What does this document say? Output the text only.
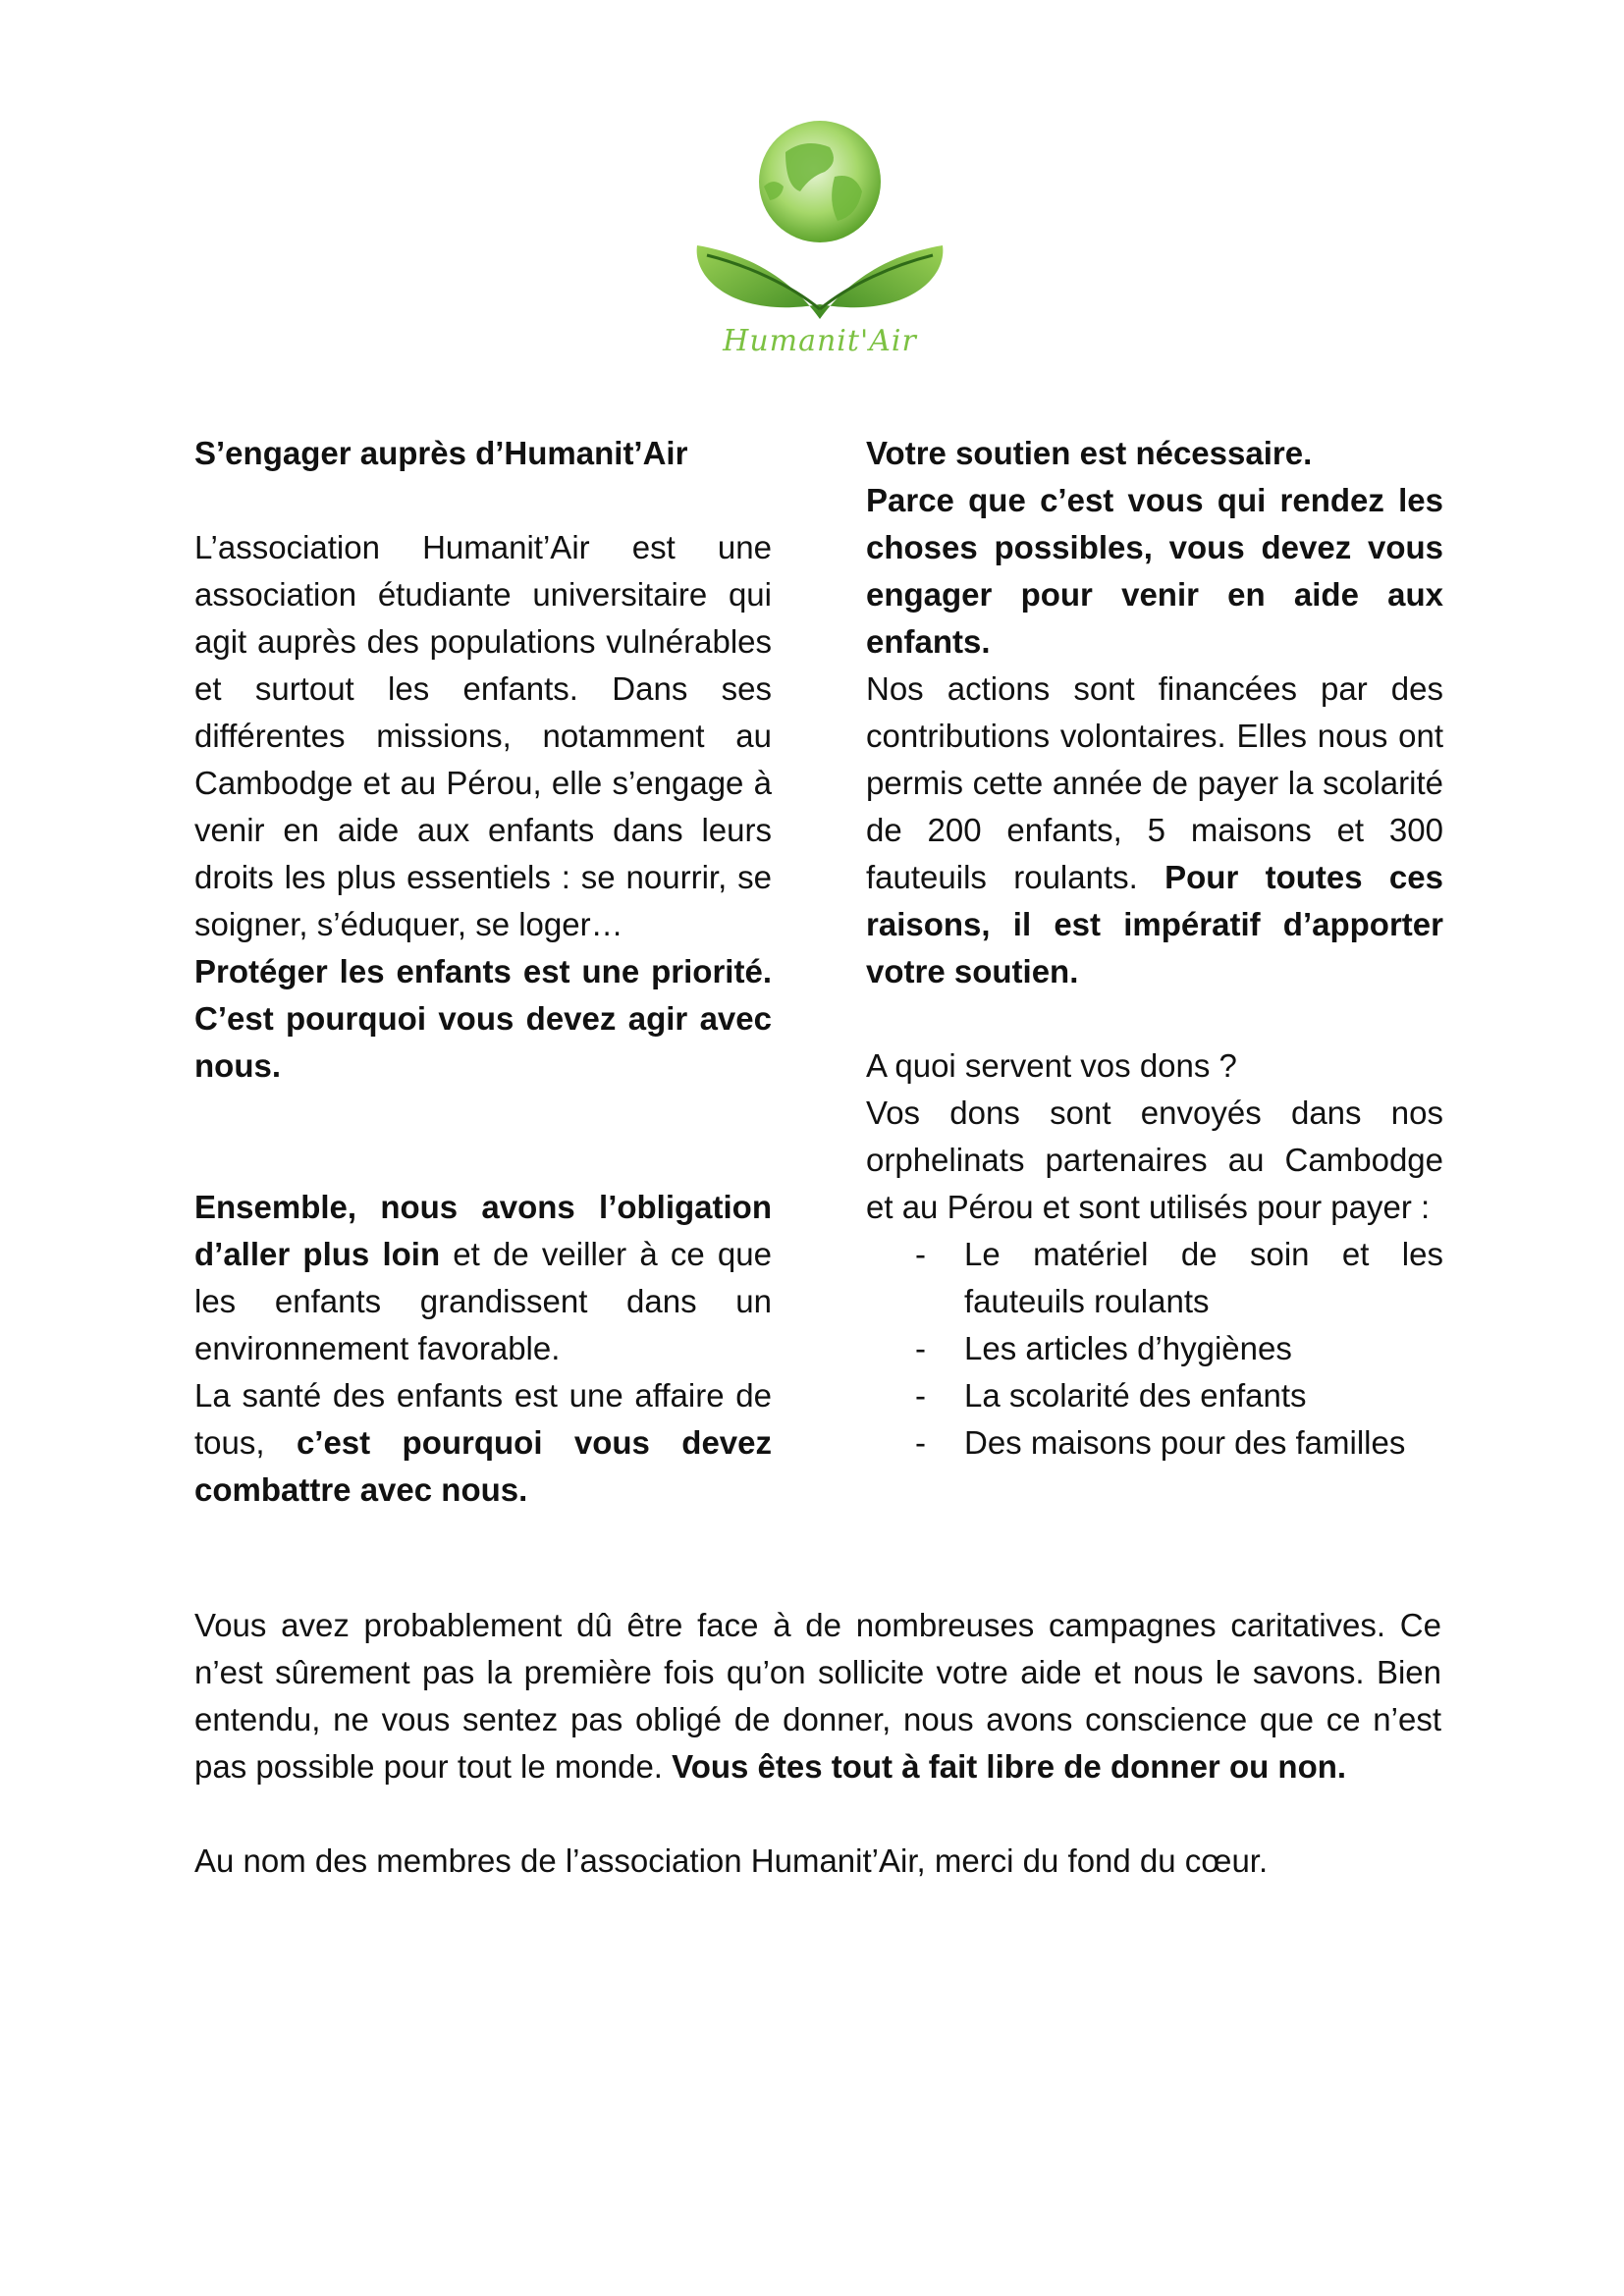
Humanit'Air

S’engager auprès d’Humanit’Air

L’association Humanit’Air est une association étudiante universitaire qui agit auprès des populations vulnérables et surtout les enfants. Dans ses différentes missions, notamment au Cambodge et au Pérou, elle s’engage à venir en aide aux enfants dans leurs droits les plus essentiels : se nourrir, se soigner, s’éduquer, se loger…

Protéger les enfants est une priorité. C’est pourquoi vous devez agir avec nous.

Ensemble, nous avons l’obligation d’aller plus loin et de veiller à ce que les enfants grandissent dans un environnement favorable.

La santé des enfants est une affaire de tous, c’est pourquoi vous devez combattre avec nous.

Votre soutien est nécessaire.

Parce que c’est vous qui rendez les choses possibles, vous devez vous engager pour venir en aide aux enfants.

Nos actions sont financées par des contributions volontaires. Elles nous ont permis cette année de payer la scolarité de 200 enfants, 5 maisons et 300 fauteuils roulants. Pour toutes ces raisons, il est impératif d’apporter votre soutien.

A quoi servent vos dons ?

Vos dons sont envoyés dans nos orphelinats partenaires au Cambodge et au Pérou et sont utilisés pour payer :

- Le matériel de soin et les fauteuils roulants
- Les articles d’hygiènes
- La scolarité des enfants
- Des maisons pour des familles

Vous avez probablement dû être face à de nombreuses campagnes caritatives. Ce n’est sûrement pas la première fois qu’on sollicite votre aide et nous le savons. Bien entendu, ne vous sentez pas obligé de donner, nous avons conscience que ce n’est pas possible pour tout le monde. Vous êtes tout à fait libre de donner ou non.

Au nom des membres de l’association Humanit’Air, merci du fond du cœur.
